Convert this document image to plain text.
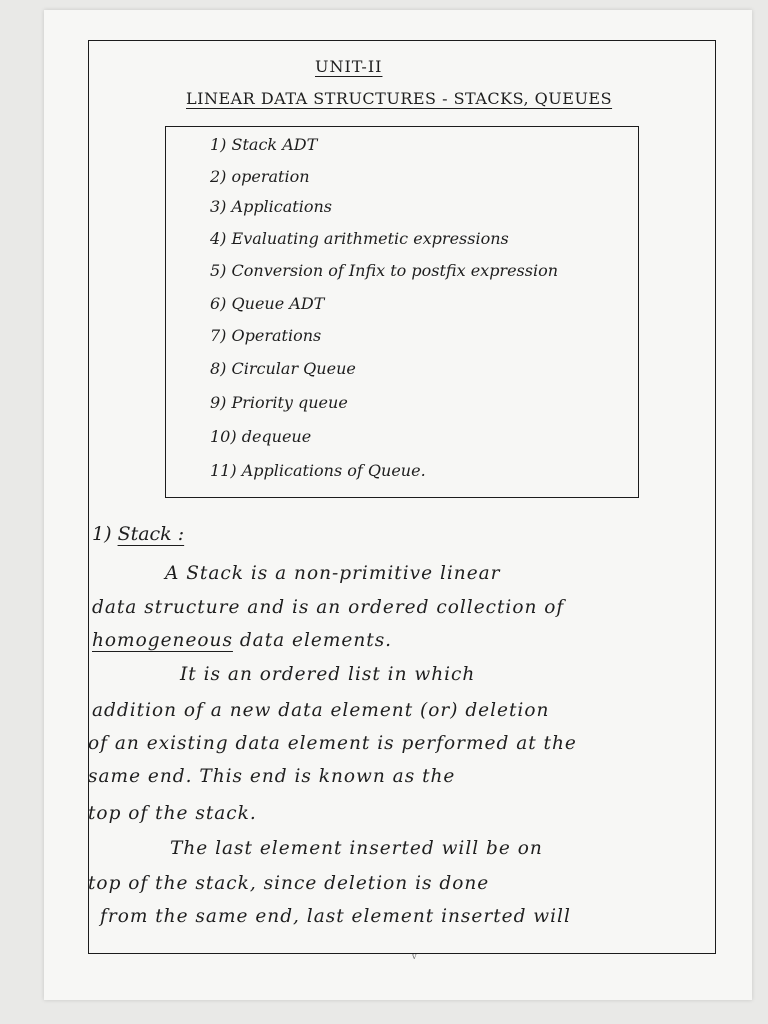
UNIT-II
LINEAR DATA STRUCTURES - STACKS, QUEUES
1) Stack ADT
2) operation
3) Applications
4) Evaluating arithmetic expressions
5) Conversion of Infix to postfix expression
6) Queue ADT
7) Operations
8) Circular Queue
9) Priority queue
10) dequeue
11) Applications of Queue.
1) Stack :
A Stack is a non-primitive linear
data structure and is an ordered collection of
homogeneous data elements.
It is an ordered list in which
addition of a new data element (or) deletion
of an existing data element is performed at the
same end. This end is known as the
top of the stack.
The last element inserted will be on
top of the stack, since deletion is done
from the same end, last element inserted will
v
